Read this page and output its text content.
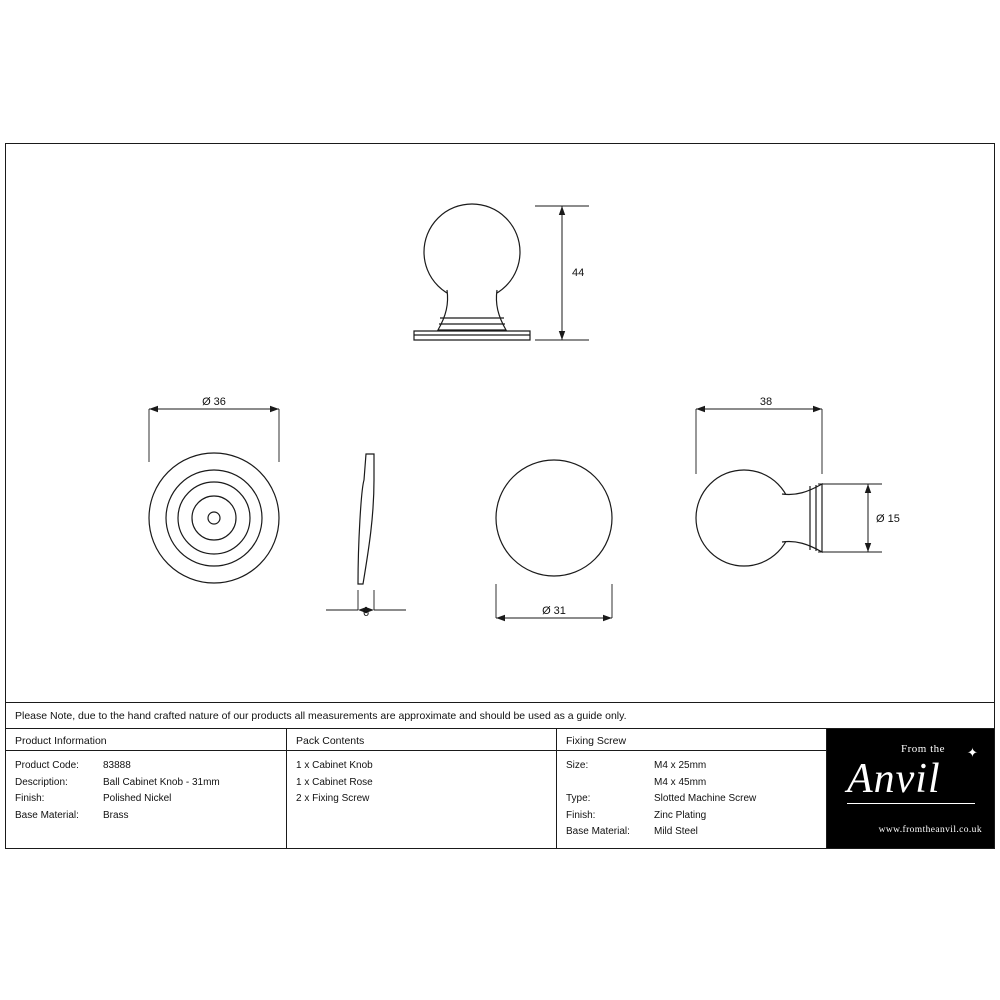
44
Ø 36
6	Ø 31
38
Ø 15
Please Note, due to the hand crafted nature of our products all measurements are approximate and should be used as a guide only.
Product Information
Product Code:	83888
Description:	Ball Cabinet Knob - 31mm
Finish:	Polished Nickel
Base Material:	Brass
Pack Contents
1 x Cabinet Knob
1 x Cabinet Rose
2 x Fixing Screw
Fixing Screw
Size:	M4 x 25mm
M4 x 45mm
Type:	Slotted Machine Screw
Finish:	Zinc Plating
Base Material:	Mild Steel
From the ✦
Anvil
www.fromtheanvil.co.uk
